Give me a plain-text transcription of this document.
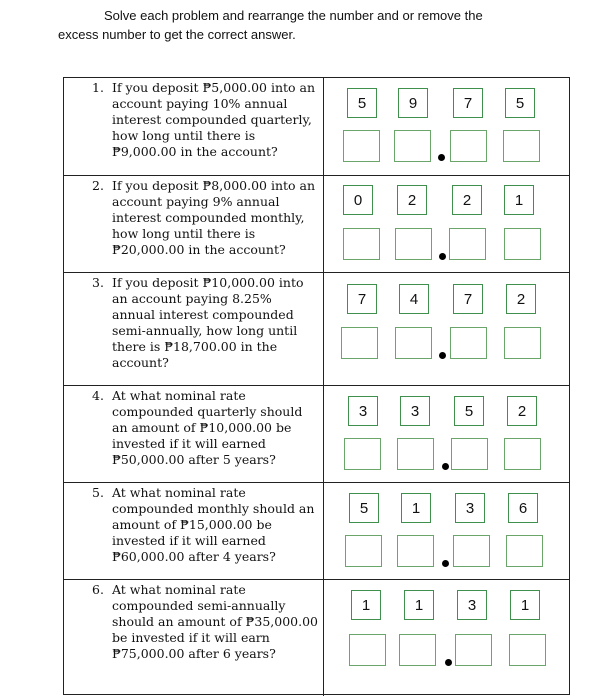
Solve each problem and rearrange the number and or remove the
excess number to get the correct answer.
1. If you deposit ₱5,000.00 into an account paying 10% annual interest compounded quarterly, how long until there is ₱9,000.00 in the account?
5	9	7	5
2. If you deposit ₱8,000.00 into an account paying 9% annual interest compounded monthly, how long until there is ₱20,000.00 in the account?
0	2	2	1
3. If you deposit ₱10,000.00 into an account paying 8.25% annual interest compounded semi-annually, how long until there is ₱18,700.00 in the account?
7	4	7	2
4. At what nominal rate compounded quarterly should an amount of ₱10,000.00 be invested if it will earned ₱50,000.00 after 5 years?
3	3	5	2
5. At what nominal rate compounded monthly should an amount of ₱15,000.00 be invested if it will earned ₱60,000.00 after 4 years?
5	1	3	6
6. At what nominal rate compounded semi-annually should an amount of ₱35,000.00 be invested if it will earn ₱75,000.00 after 6 years?
1	1	3	1
